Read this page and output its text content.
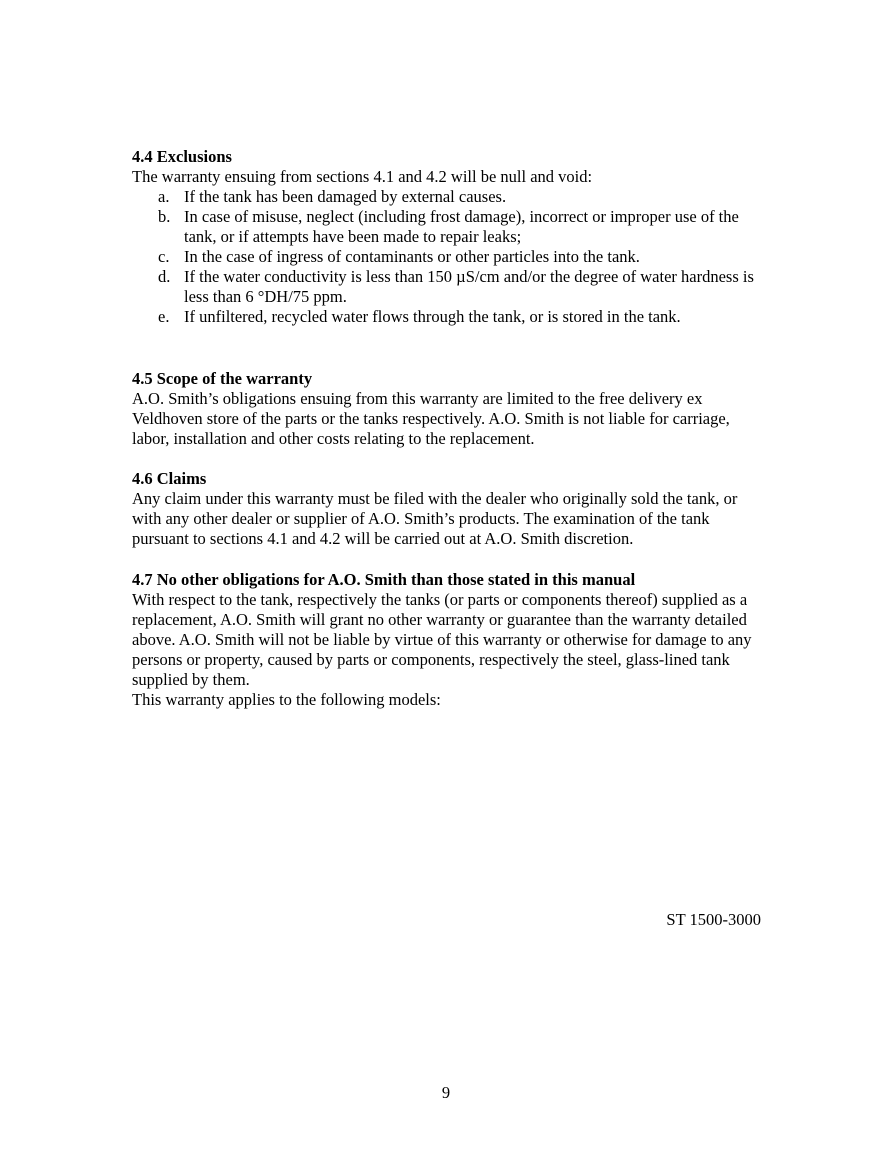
4.4 Exclusions
The warranty ensuing from sections 4.1 and 4.2 will be null and void:
a. If the tank has been damaged by external causes.
b. In case of misuse, neglect (including frost damage), incorrect or improper use of the tank, or if attempts have been made to repair leaks;
c. In the case of ingress of contaminants or other particles into the tank.
d. If the water conductivity is less than 150 µS/cm and/or the degree of water hardness is less than 6 °DH/75 ppm.
e. If unfiltered, recycled water flows through the tank, or is stored in the tank.
4.5 Scope of the warranty
A.O. Smith’s obligations ensuing from this warranty are limited to the free delivery ex Veldhoven store of the parts or the tanks respectively. A.O. Smith is not liable for carriage, labor, installation and other costs relating to the replacement.
4.6 Claims
Any claim under this warranty must be filed with the dealer who originally sold the tank, or with any other dealer or supplier of A.O. Smith’s products. The examination of the tank pursuant to sections 4.1 and 4.2 will be carried out at A.O. Smith discretion.
4.7 No other obligations for A.O. Smith than those stated in this manual
With respect to the tank, respectively the tanks (or parts or components thereof) supplied as a replacement, A.O. Smith will grant no other warranty or guarantee than the warranty detailed above. A.O. Smith will not be liable by virtue of this warranty or otherwise for damage to any persons or property, caused by parts or components, respectively the steel, glass-lined tank supplied by them.
This warranty applies to the following models:
ST 1500-3000
9
